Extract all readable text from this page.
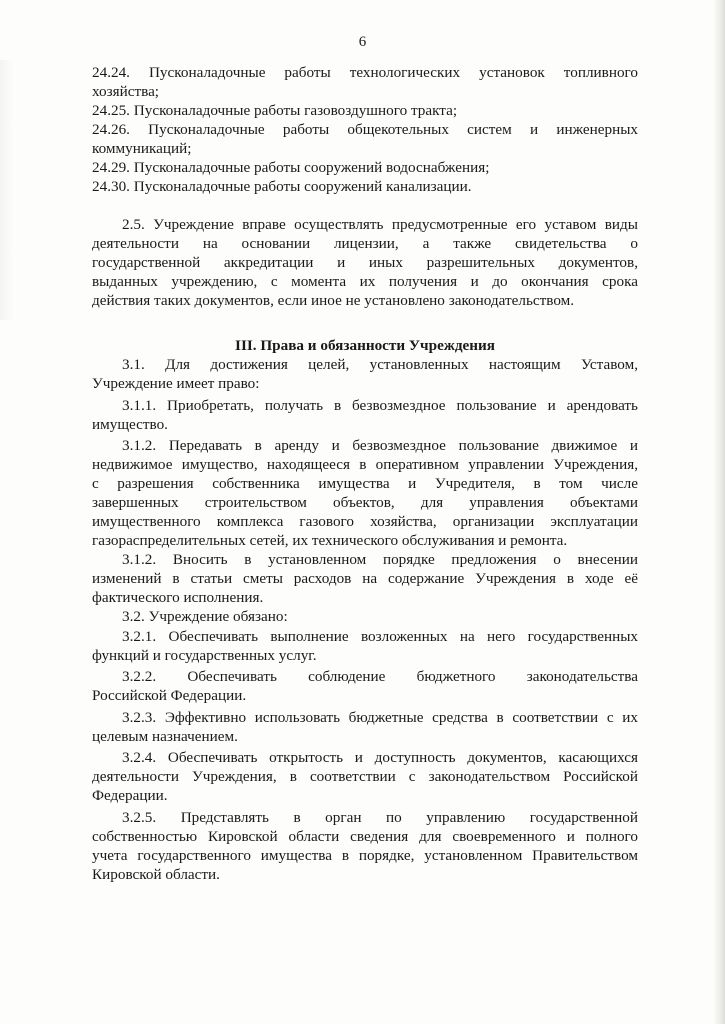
6
24.24. Пусконаладочные работы технологических установок топливного
хозяйства;
24.25. Пусконаладочные работы газовоздушного тракта;
24.26. Пусконаладочные работы общекотельных систем и инженерных
коммуникаций;
24.29. Пусконаладочные работы сооружений водоснабжения;
24.30. Пусконаладочные работы сооружений канализации.
2.5. Учреждение вправе осуществлять предусмотренные его уставом виды
деятельности на основании лицензии, а также свидетельства о
государственной аккредитации и иных разрешительных документов,
выданных учреждению, с момента их получения и до окончания срока
действия таких документов, если иное не установлено законодательством.
III. Права и обязанности Учреждения
3.1. Для достижения целей, установленных настоящим Уставом,
Учреждение имеет право:
3.1.1. Приобретать, получать в безвозмездное пользование и арендовать
имущество.
3.1.2. Передавать в аренду и безвозмездное пользование движимое и
недвижимое имущество, находящееся в оперативном управлении Учреждения,
с разрешения собственника имущества и Учредителя, в том числе
завершенных строительством объектов, для управления объектами
имущественного комплекса газового хозяйства, организации эксплуатации
газораспределительных сетей, их технического обслуживания и ремонта.
3.1.2. Вносить в установленном порядке предложения о внесении
изменений в статьи сметы расходов на содержание Учреждения в ходе её
фактического исполнения.
3.2. Учреждение обязано:
3.2.1. Обеспечивать выполнение возложенных на него государственных
функций и государственных услуг.
3.2.2. Обеспечивать соблюдение бюджетного законодательства
Российской Федерации.
3.2.3. Эффективно использовать бюджетные средства в соответствии с их
целевым назначением.
3.2.4. Обеспечивать открытость и доступность документов, касающихся
деятельности Учреждения, в соответствии с законодательством Российской
Федерации.
3.2.5. Представлять в орган по управлению государственной
собственностью Кировской области сведения для своевременного и полного
учета государственного имущества в порядке, установленном Правительством
Кировской области.
